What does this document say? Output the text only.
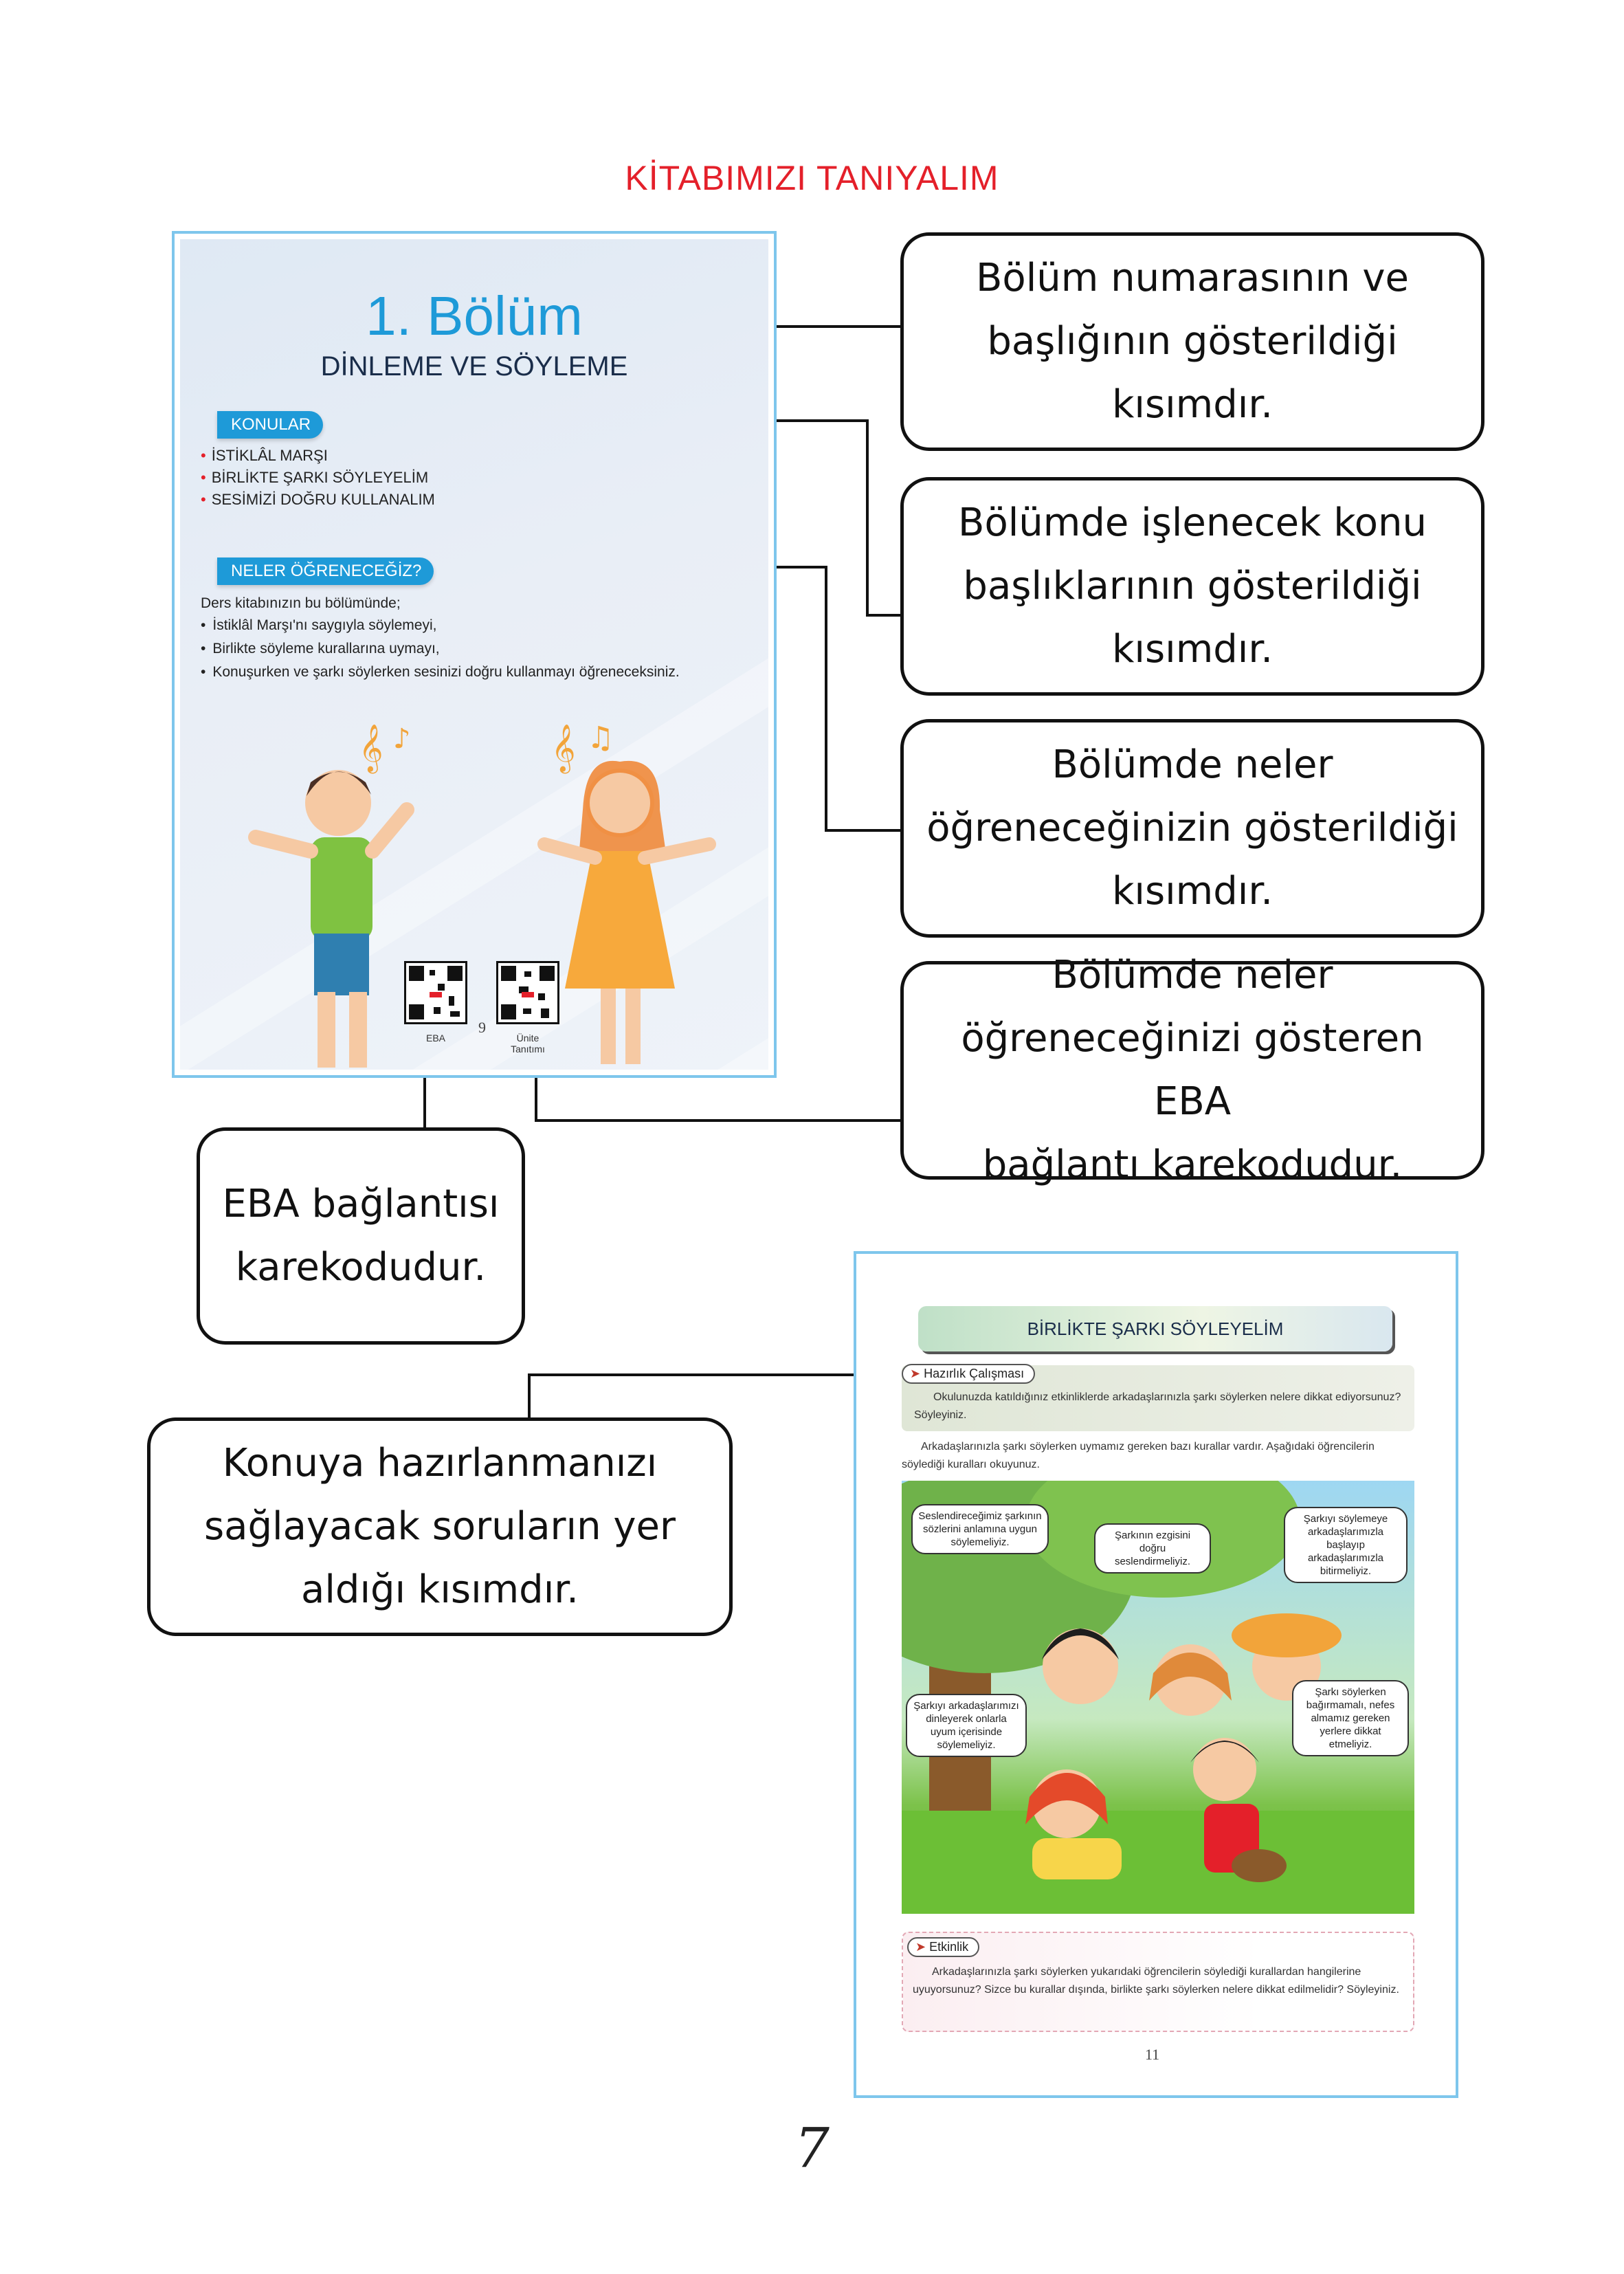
KİTABIMIZI TANIYALIM
1. Bölüm
DİNLEME VE SÖYLEME
KONULAR
• İSTİKLÂL MARŞI
• BİRLİKTE ŞARKI SÖYLEYELİM
• SESİMİZİ DOĞRU KULLANALIM
NELER ÖĞRENECEĞİZ?
Ders kitabınızın bu bölümünde;
• İstiklâl Marşı'nı saygıyla söylemeyi,
• Birlikte söyleme kurallarına uymayı,
• Konuşurken ve şarkı söylerken sesinizi doğru kullanmayı öğreneceksiniz.
𝄞 ♪	𝄞 ♫
EBA	Ünite
Tanıtımı
9
Bölüm numarasının ve
başlığının gösterildiği
kısımdır.
Bölümde işlenecek konu
başlıklarının gösterildiği
kısımdır.
Bölümde neler
öğreneceğinizin gösterildiği
kısımdır.
Bölümde neler
öğreneceğinizi gösteren EBA
bağlantı karekodudur.
EBA bağlantısı
karekodudur.
Konuya hazırlanmanızı
sağlayacak soruların yer
aldığı kısımdır.
BİRLİKTE ŞARKI SÖYLEYELİM
➤ Hazırlık Çalışması
Okulunuzda katıldığınız etkinliklerde arkadaşlarınızla şarkı söylerken nelere dikkat ediyorsunuz? Söyleyiniz.
Arkadaşlarınızla şarkı söylerken uymamız gereken bazı kurallar vardır. Aşağıdaki öğrencilerin söylediği kuralları okuyunuz.
Seslendireceğimiz şarkının sözlerini anlamına uygun söylemeliyiz.
Şarkının ezgisini doğru seslendirmeliyiz.
Şarkıyı söylemeye arkadaşlarımızla başlayıp arkadaşlarımızla bitirmeliyiz.
Şarkıyı arkadaşlarımızı dinleyerek onlarla uyum içerisinde söylemeliyiz.
Şarkı söylerken bağırmamalı, nefes almamız gereken yerlere dikkat etmeliyiz.
➤ Etkinlik
Arkadaşlarınızla şarkı söylerken yukarıdaki öğrencilerin söylediği kurallardan hangilerine uyuyorsunuz? Sizce bu kurallar dışında, birlikte şarkı söylerken nelere dikkat edilmelidir? Söyleyiniz.
11
7
